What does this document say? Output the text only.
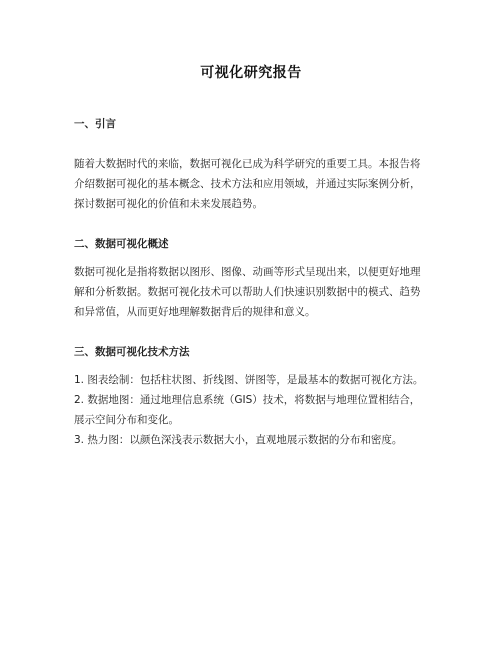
可视化研究报告
一、引言

随着大数据时代的来临，数据可视化已成为科学研究的重要工具。本报告将
介绍数据可视化的基本概念、技术方法和应用领域，并通过实际案例分析，
探讨数据可视化的价值和未来发展趋势。

二、数据可视化概述

数据可视化是指将数据以图形、图像、动画等形式呈现出来，以便更好地理
解和分析数据。数据可视化技术可以帮助人们快速识别数据中的模式、趋势
和异常值，从而更好地理解数据背后的规律和意义。

三、数据可视化技术方法
1. 图表绘制：包括柱状图、折线图、饼图等，是最基本的数据可视化方法。
2. 数据地图：通过地理信息系统（GIS）技术，将数据与地理位置相结合，
展示空间分布和变化。
3. 热力图：以颜色深浅表示数据大小，直观地展示数据的分布和密度。
